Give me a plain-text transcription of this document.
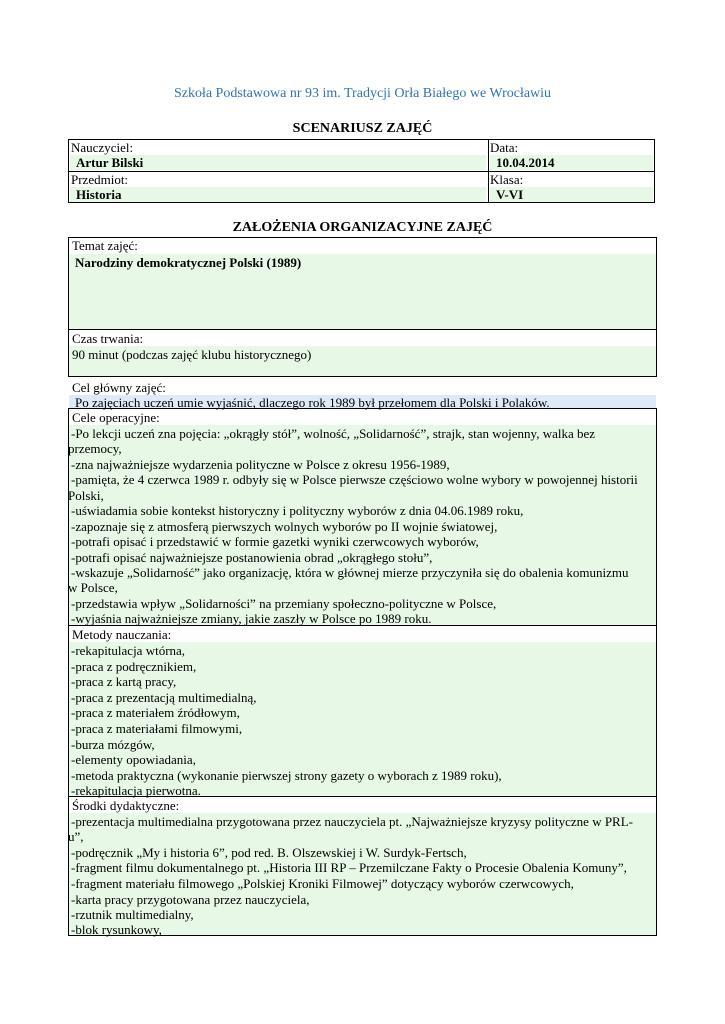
Szkoła Podstawowa nr 93 im. Tradycji Orła Białego we Wrocławiu
SCENARIUSZ ZAJĘĆ
Nauczyciel:
Artur Bilski
Data:
10.04.2014
Przedmiot:
Historia
Klasa:
V-VI
ZAŁOŻENIA ORGANIZACYJNE ZAJĘĆ
Temat zajęć:
Narodziny demokratycznej Polski (1989)
Czas trwania:
90 minut (podczas zajęć klubu historycznego)
Cel główny zajęć:
Po zajęciach uczeń umie wyjaśnić, dlaczego rok 1989 był przełomem dla Polski i Polaków.
Cele operacyjne:
-Po lekcji uczeń zna pojęcia: „okrągły stół”, wolność, „Solidarność”, strajk, stan wojenny, walka bez
przemocy,
-zna najważniejsze wydarzenia polityczne w Polsce z okresu 1956-1989,
-pamięta, że 4 czerwca 1989 r. odbyły się w Polsce pierwsze częściowo wolne wybory w powojennej historii
Polski,
-uświadamia sobie kontekst historyczny i polityczny wyborów z dnia 04.06.1989 roku,
-zapoznaje się z atmosferą pierwszych wolnych wyborów po II wojnie światowej,
-potrafi opisać i przedstawić w formie gazetki wyniki czerwcowych wyborów,
-potrafi opisać najważniejsze postanowienia obrad „okrągłego stołu”,
-wskazuje „Solidarność” jako organizację, która w głównej mierze przyczyniła się do obalenia komunizmu
w Polsce,
-przedstawia wpływ „Solidarności” na przemiany społeczno-polityczne w Polsce,
-wyjaśnia najważniejsze zmiany, jakie zaszły w Polsce po 1989 roku.
Metody nauczania:
-rekapitulacja wtórna,
-praca z podręcznikiem,
-praca z kartą pracy,
-praca z prezentacją multimedialną,
-praca z materiałem źródłowym,
-praca z materiałami filmowymi,
-burza mózgów,
-elementy opowiadania,
-metoda praktyczna (wykonanie pierwszej strony gazety o wyborach z 1989 roku),
-rekapitulacja pierwotna.
Środki dydaktyczne:
-prezentacja multimedialna przygotowana przez nauczyciela pt. „Najważniejsze kryzysy polityczne w PRL-
u”,
-podręcznik „My i historia 6”, pod red. B. Olszewskiej i W. Surdyk-Fertsch,
-fragment filmu dokumentalnego pt. „Historia III RP – Przemilczane Fakty o Procesie Obalenia Komuny”,
-fragment materiału filmowego „Polskiej Kroniki Filmowej” dotyczący wyborów czerwcowych,
-karta pracy przygotowana przez nauczyciela,
-rzutnik multimedialny,
-blok rysunkowy,
